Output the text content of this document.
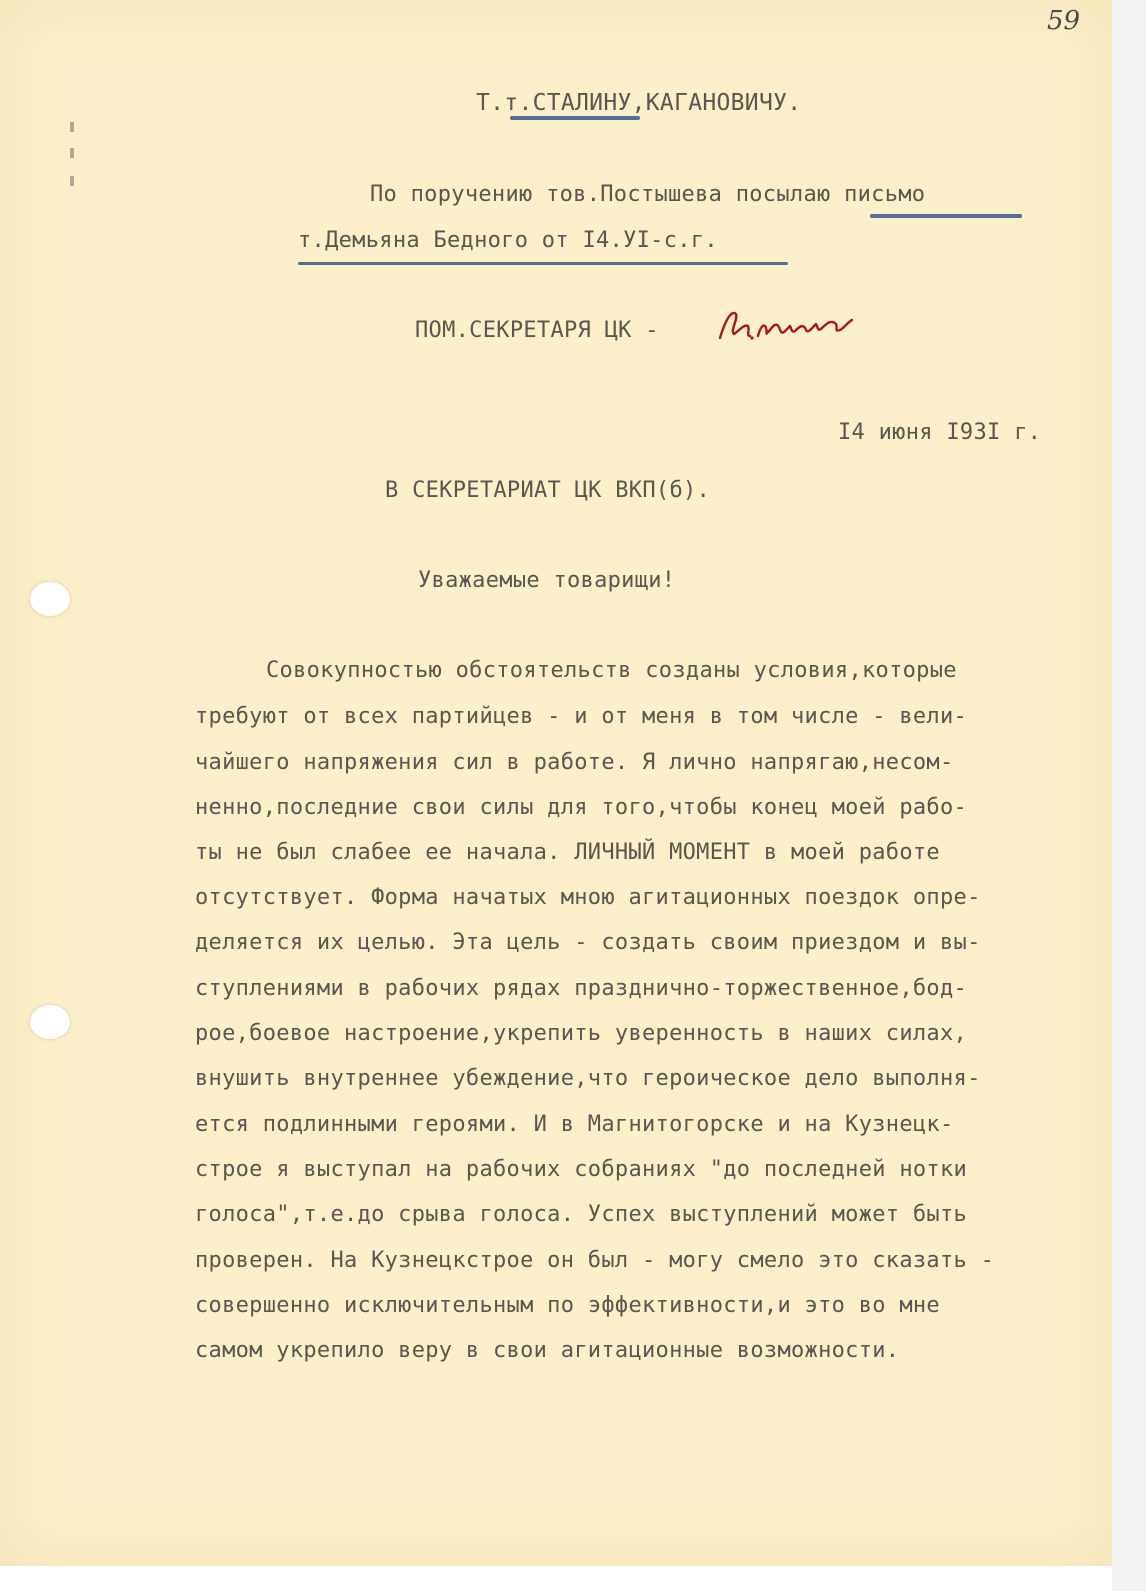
59
Т.т.СТАЛИНУ,КАГАНОВИЧУ.
По поручению тов.Постышева посылаю письмо
т.Демьяна Бедного от I4.УI-с.г.
ПОМ.СЕКРЕТАРЯ ЦК -
I4 июня I93I г.
В СЕКРЕТАРИАТ ЦК ВКП(б).
Уважаемые товарищи!
Совокупностью обстоятельств созданы условия,которые
требуют от всех партийцев - и от меня в том числе - вели-
чайшего напряжения сил в работе. Я лично напрягаю,несом-
ненно,последние свои силы для того,чтобы конец моей рабо-
ты не был слабее ее начала. ЛИЧНЫЙ МОМЕНТ в моей работе
отсутствует. Форма начатых мною агитационных поездок опре-
деляется их целью. Эта цель - создать своим приездом и вы-
ступлениями в рабочих рядах празднично-торжественное,бод-
рое,боевое настроение,укрепить уверенность в наших силах,
внушить внутреннее убеждение,что героическое дело выполня-
ется подлинными героями. И в Магнитогорске и на Кузнецк-
строе я выступал на рабочих собраниях "до последней нотки
голоса",т.е.до срыва голоса. Успех выступлений может быть
проверен. На Кузнецкстрое он был - могу смело это сказать -
совершенно исключительным по эффективности,и это во мне
самом укрепило веру в свои агитационные возможности.
